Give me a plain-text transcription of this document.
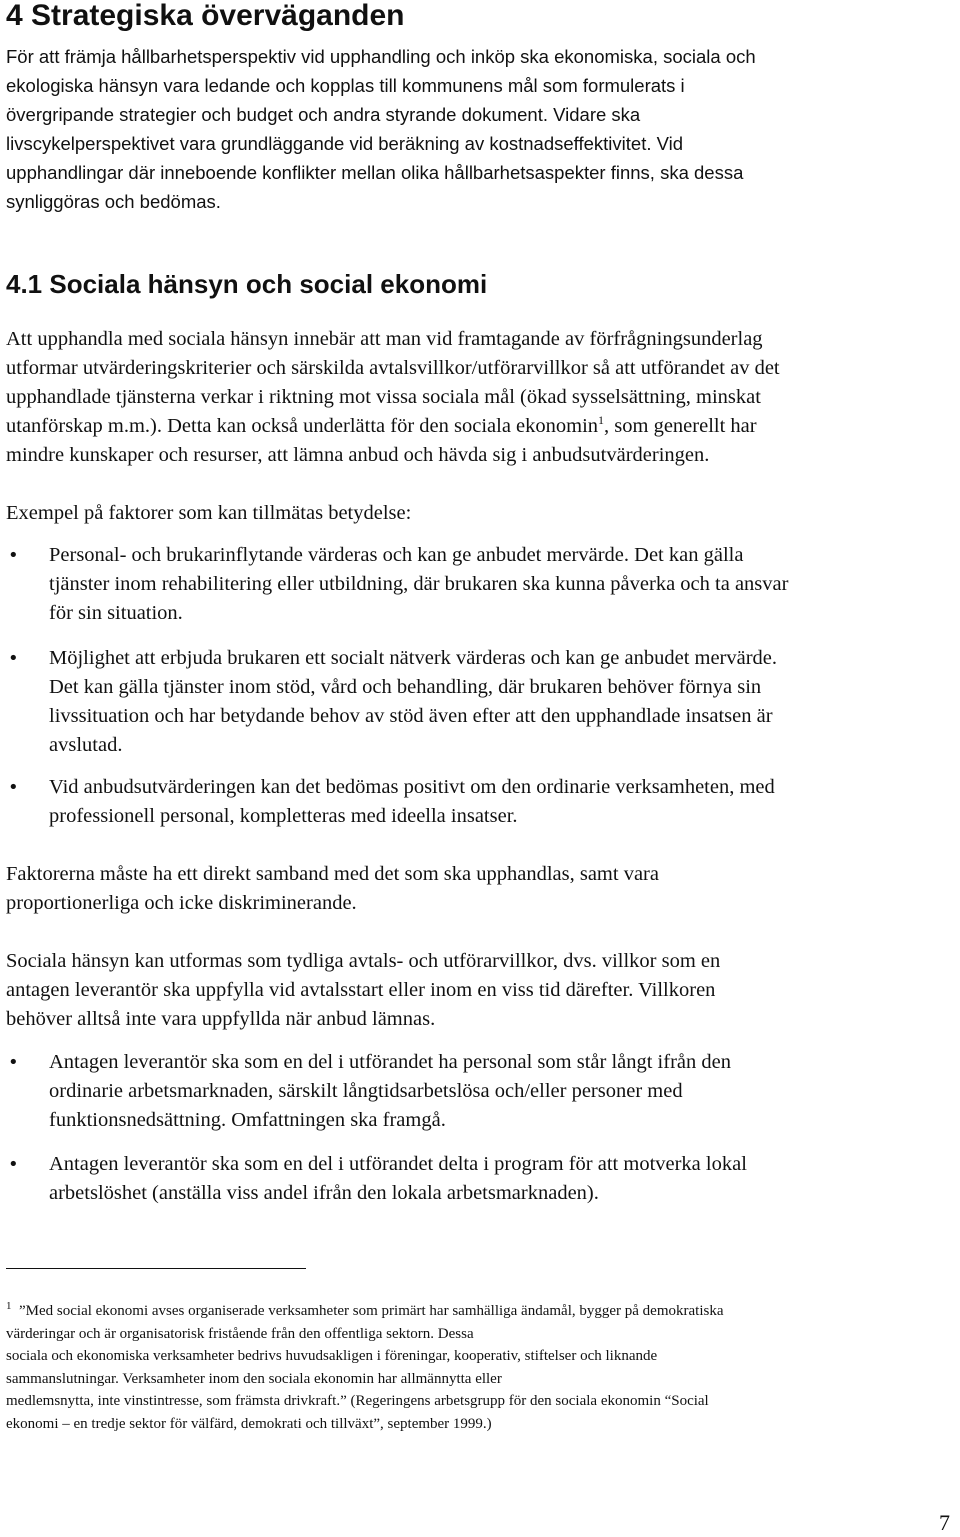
4 Strategiska överväganden

För att främja hållbarhetsperspektiv vid upphandling och inköp ska ekonomiska, sociala och
ekologiska hänsyn vara ledande och kopplas till kommunens mål som formulerats i
övergripande strategier och budget och andra styrande dokument. Vidare ska
livscykelperspektivet vara grundläggande vid beräkning av kostnadseffektivitet. Vid
upphandlingar där inneboende konflikter mellan olika hållbarhetsaspekter finns, ska dessa
synliggöras och bedömas.

4.1 Sociala hänsyn och social ekonomi

Att upphandla med sociala hänsyn innebär att man vid framtagande av förfrågningsunderlag
utformar utvärderingskriterier och särskilda avtalsvillkor/utförarvillkor så att utförandet av det
upphandlade tjänsterna verkar i riktning mot vissa sociala mål (ökad sysselsättning, minskat
utanförskap m.m.). Detta kan också underlätta för den sociala ekonomin$^1$, som generellt har
mindre kunskaper och resurser, att lämna anbud och hävda sig i anbudsutvärderingen.

Exempel på faktorer som kan tillmätas betydelse:

• Personal- och brukarinflytande värderas och kan ge anbudet mervärde. Det kan gälla
tjänster inom rehabilitering eller utbildning, där brukaren ska kunna påverka och ta ansvar
för sin situation.

• Möjlighet att erbjuda brukaren ett socialt nätverk värderas och kan ge anbudet mervärde.
Det kan gälla tjänster inom stöd, vård och behandling, där brukaren behöver förnya sin
livssituation och har betydande behov av stöd även efter att den upphandlade insatsen är
avslutad.

• Vid anbudsutvärderingen kan det bedömas positivt om den ordinarie verksamheten, med
professionell personal, kompletteras med ideella insatser.

Faktorerna måste ha ett direkt samband med det som ska upphandlas, samt vara
proportionerliga och icke diskriminerande.

Sociala hänsyn kan utformas som tydliga avtals- och utförarvillkor, dvs. villkor som en
antagen leverantör ska uppfylla vid avtalsstart eller inom en viss tid därefter. Villkoren
behöver alltså inte vara uppfyllda när anbud lämnas.

• Antagen leverantör ska som en del i utförandet ha personal som står långt ifrån den
ordinarie arbetsmarknaden, särskilt långtidsarbetslösa och/eller personer med
funktionsnedsättning. Omfattningen ska framgå.

• Antagen leverantör ska som en del i utförandet delta i program för att motverka lokal
arbetslöshet (anställa viss andel ifrån den lokala arbetsmarknaden).

$^1$ ”Med social ekonomi avses organiserade verksamheter som primärt har samhälliga ändamål, bygger på demokratiska
värderingar och är organisatorisk fristående från den offentliga sektorn. Dessa
sociala och ekonomiska verksamheter bedrivs huvudsakligen i föreningar, kooperativ, stiftelser och liknande
sammanslutningar. Verksamheter inom den sociala ekonomin har allmännytta eller
medlemsnytta, inte vinstintresse, som främsta drivkraft.” (Regeringens arbetsgrupp för den sociala ekonomin “Social
ekonomi – en tredje sektor för välfärd, demokrati och tillväxt”, september 1999.)

7
